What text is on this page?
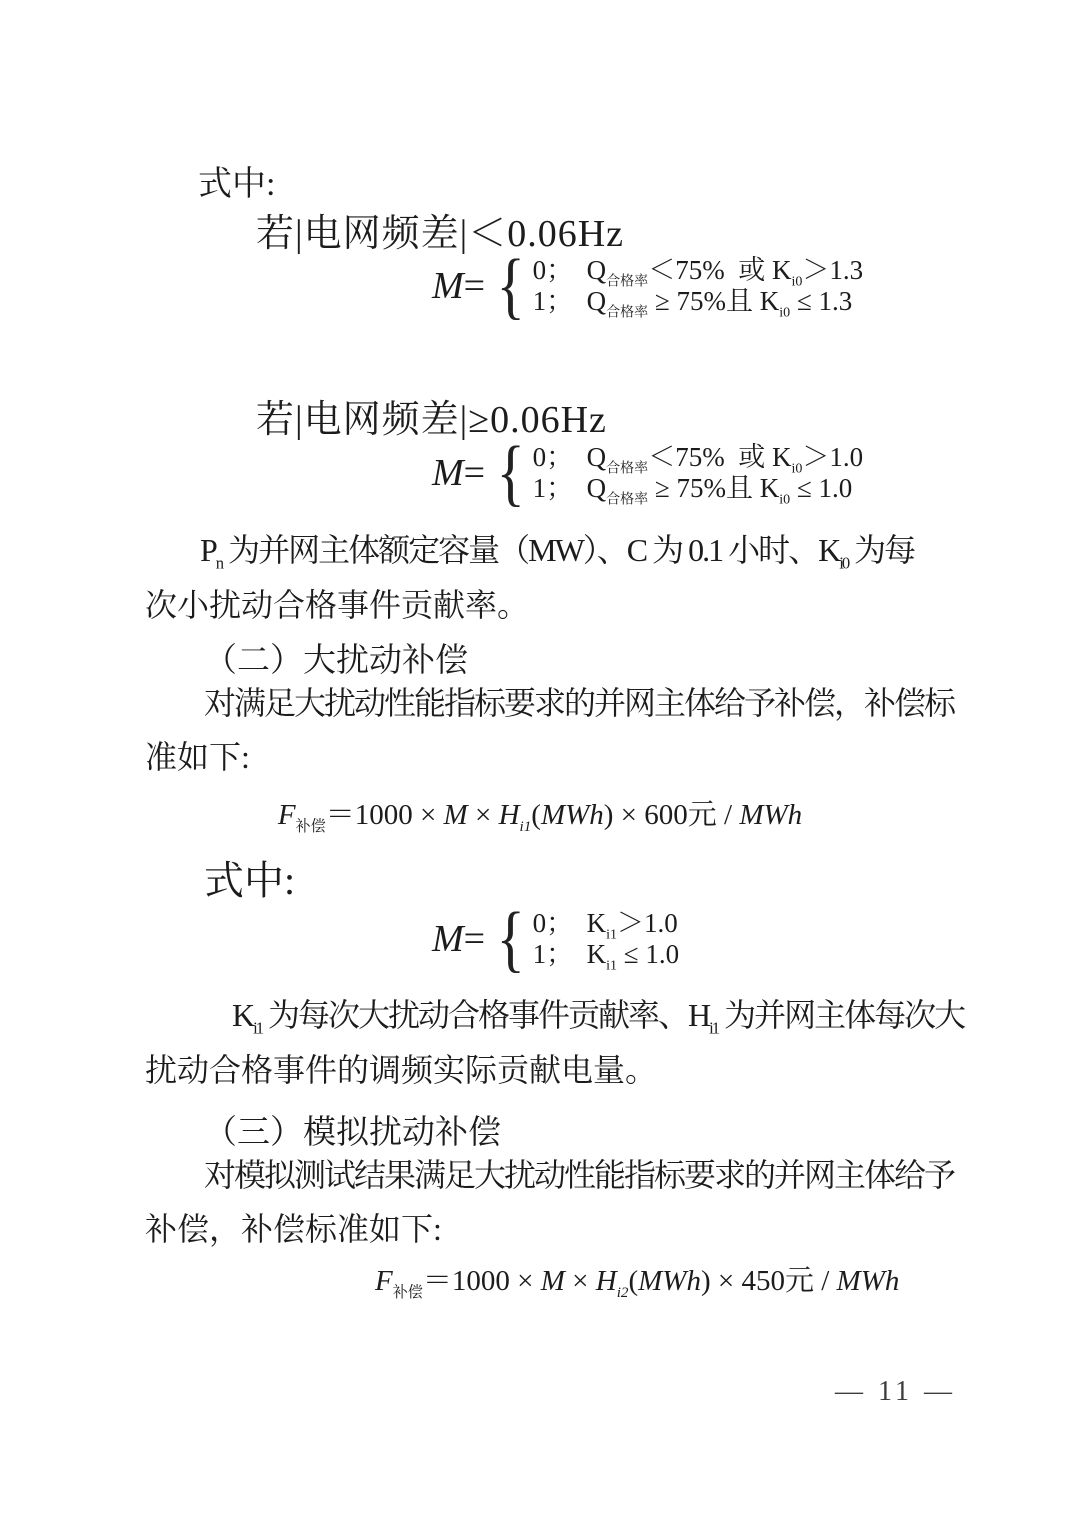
式中:
若|电网频差|＜0.06Hz
M= { 0；  $Q_{合格率}<75\%$  或 $K_{i0}>1.3$
1；  $Q_{合格率} \ge 75\%$且 $K_{i0} \le 1.3$
若|电网频差|≥0.06Hz
M= { 0；  $Q_{合格率}<75\%$  或 $K_{i0}>1.0$
1；  $Q_{合格率} \ge 75\%$且 $K_{i0} \le 1.0$
$P_n$ 为并网主体额定容量（MW）、C 为 0.1 小时、$K_{i0}$ 为每
次小扰动合格事件贡献率。
（二）大扰动补偿
对满足大扰动性能指标要求的并网主体给予补偿，补偿标
准如下:
$F_{补偿}=1000 \times M \times H_{i1}(MWh) \times 600$元 / MWh
式中:
M= { 0；  $K_{i1}>1.0$
1；  $K_{i1} \le 1.0$
$K_{i1}$ 为每次大扰动合格事件贡献率、$H_{i1}$ 为并网主体每次大
扰动合格事件的调频实际贡献电量。
（三）模拟扰动补偿
对模拟测试结果满足大扰动性能指标要求的并网主体给予
补偿，补偿标准如下:
$F_{补偿}=1000 \times M \times H_{i2}(MWh) \times 450$元 / MWh
— 11 —
